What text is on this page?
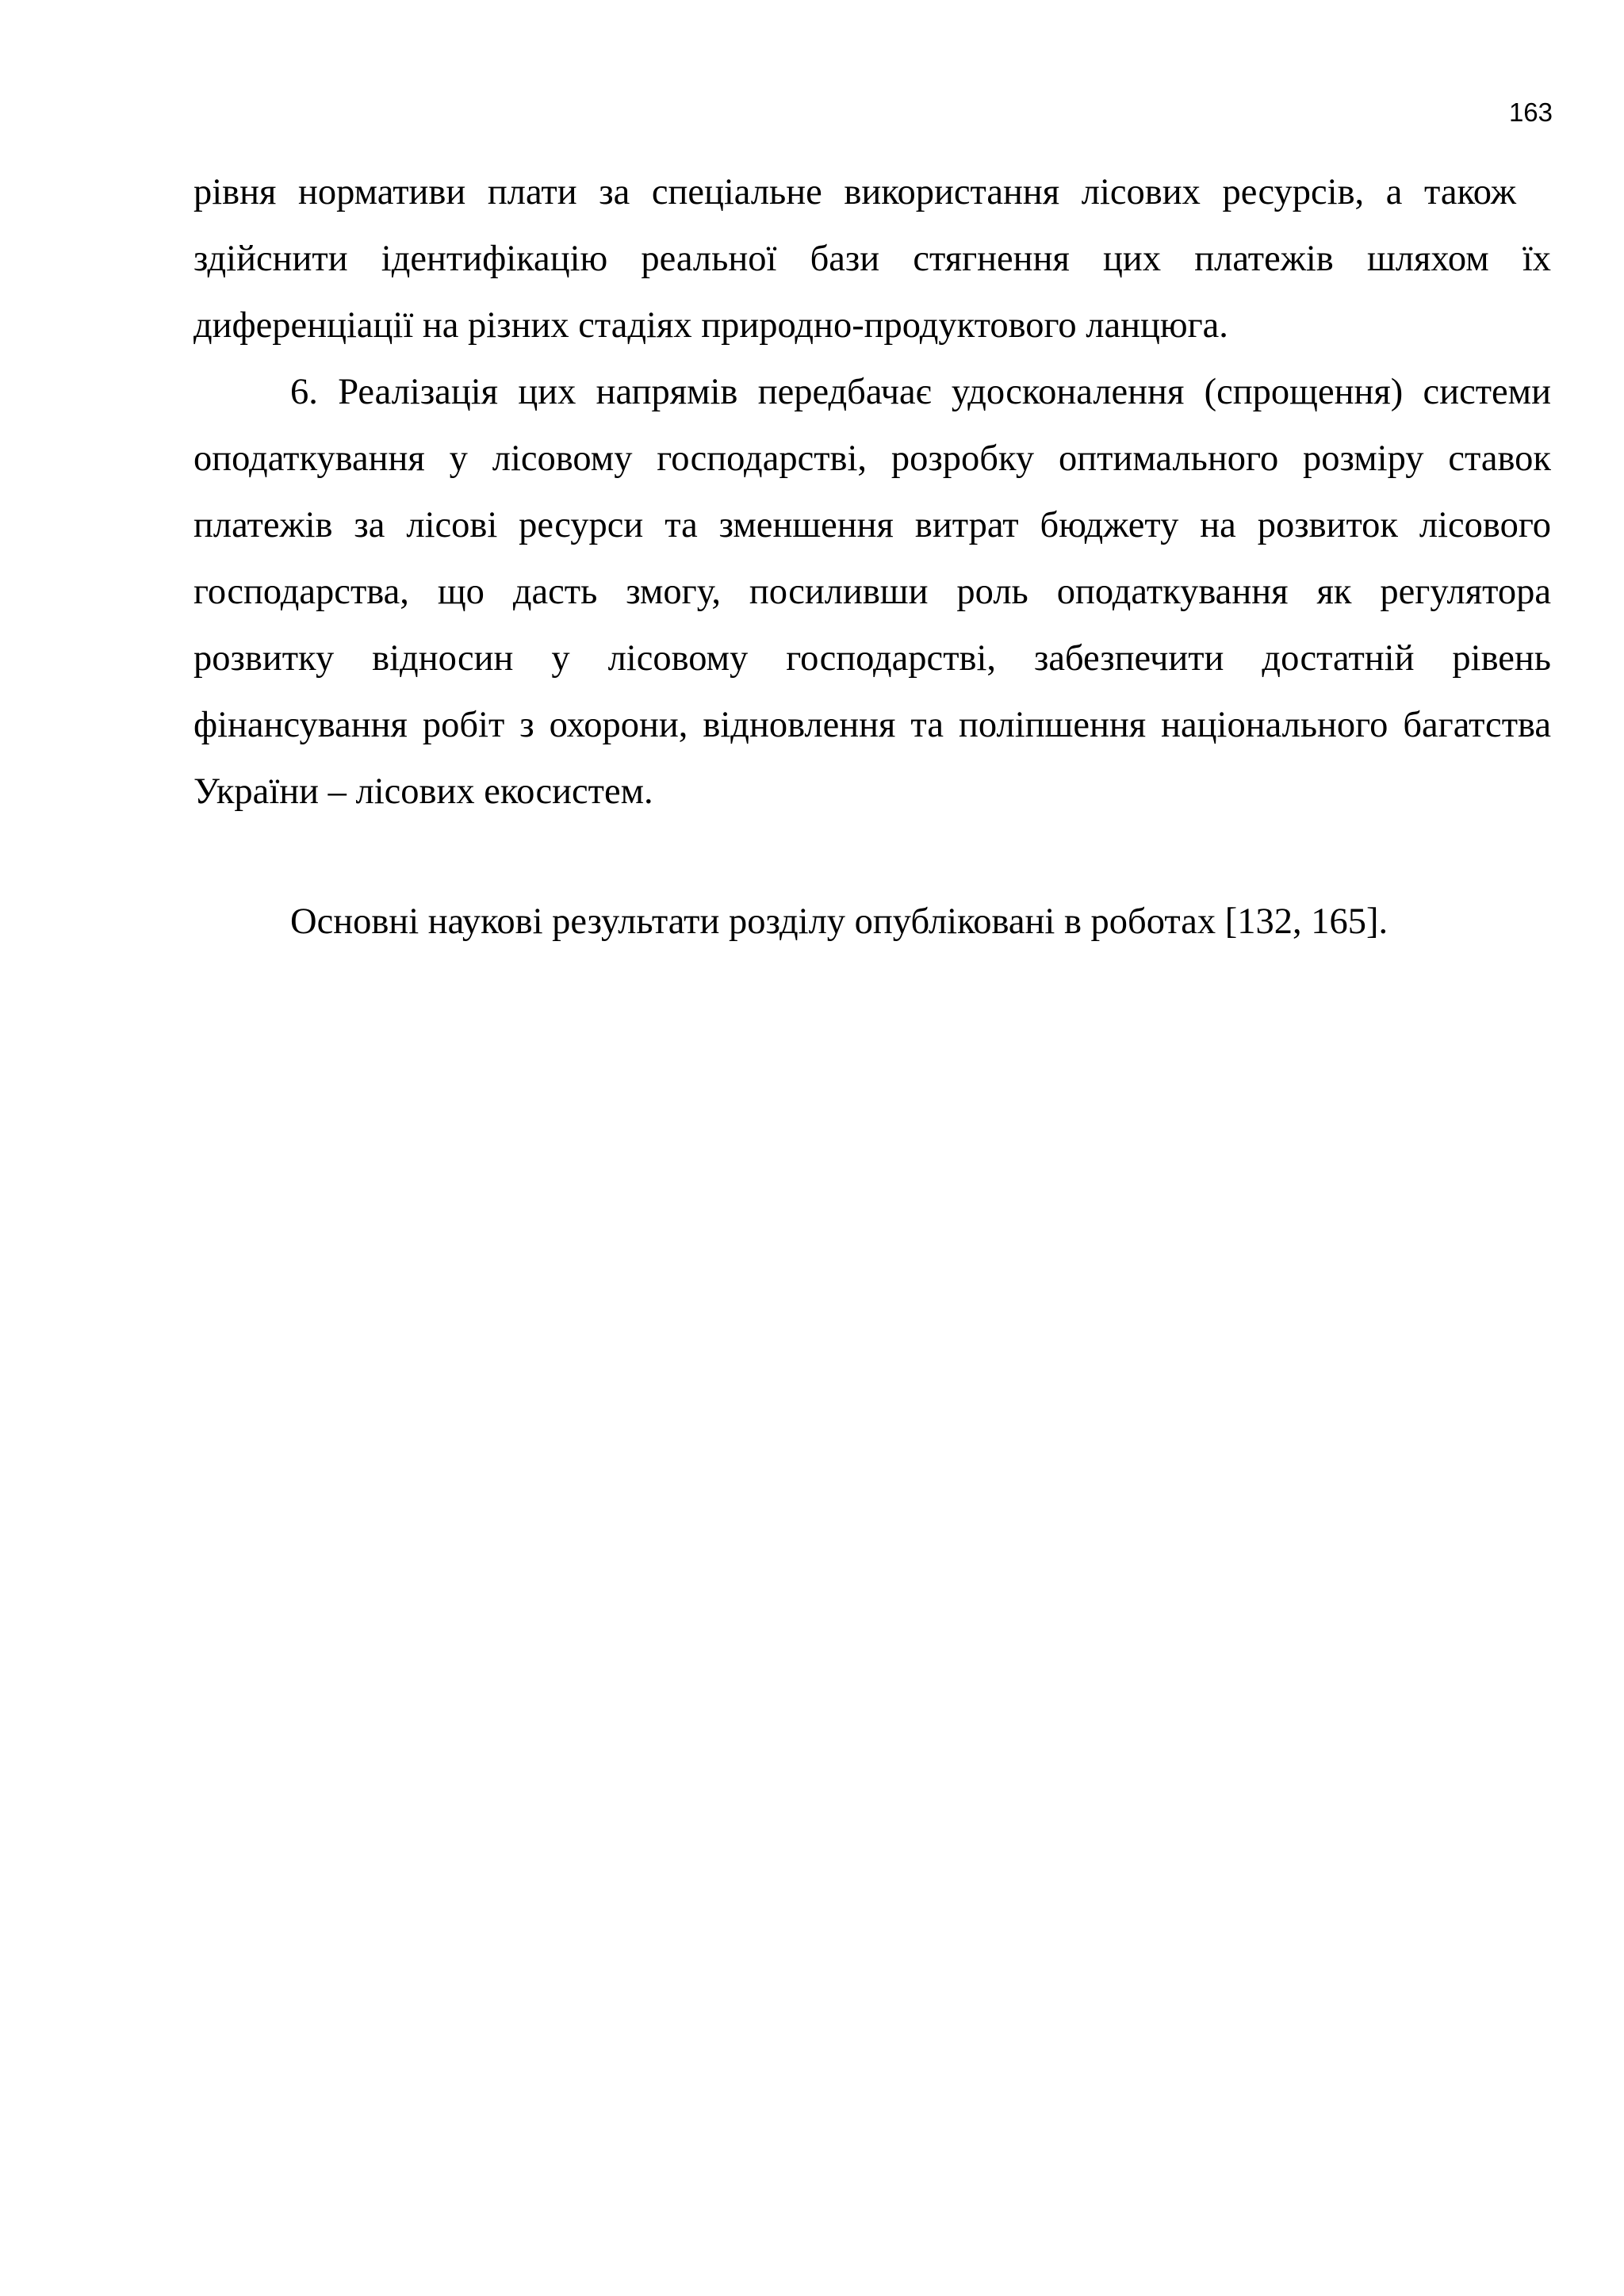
163
рівня нормативи плати за спеціальне використання лісових ресурсів, а також
здійснити ідентифікацію реальної бази стягнення цих платежів шляхом їх
диференціації на різних стадіях природно-продуктового ланцюга.
6. Реалізація цих напрямів передбачає удосконалення (спрощення) системи
оподаткування у лісовому господарстві, розробку оптимального розміру ставок
платежів за лісові ресурси та зменшення витрат бюджету на розвиток лісового
господарства, що дасть змогу, посиливши роль оподаткування як регулятора
розвитку відносин у лісовому господарстві, забезпечити достатній рівень
фінансування робіт з охорони, відновлення та поліпшення національного багатства
України – лісових екосистем.
Основні наукові результати розділу опубліковані в роботах [132, 165].
